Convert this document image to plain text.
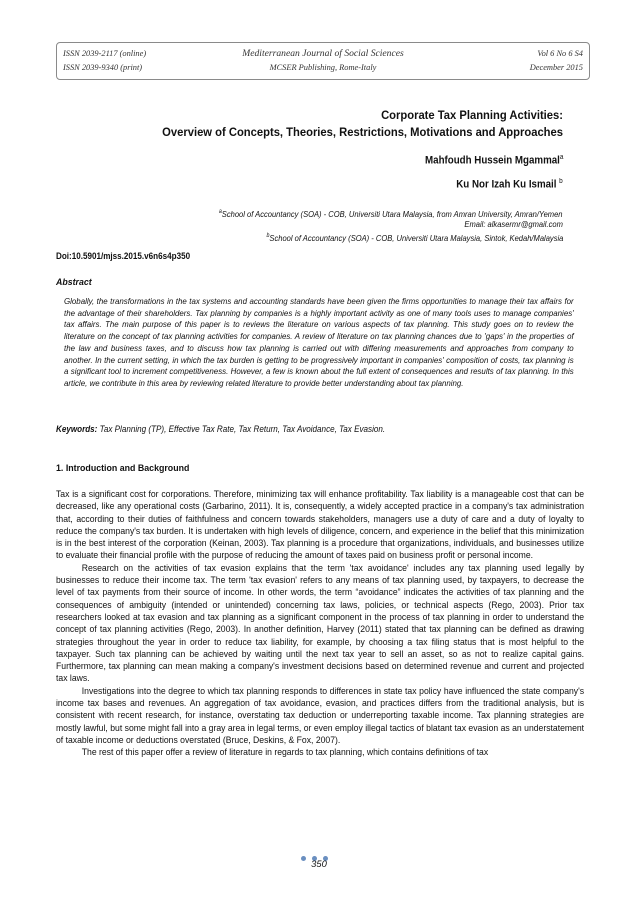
ISSN 2039-2117 (online)
ISSN 2039-9340 (print)
Mediterranean Journal of Social Sciences
MCSER Publishing, Rome-Italy
Vol 6 No 6 S4
December 2015
Corporate Tax Planning Activities:
Overview of Concepts, Theories, Restrictions, Motivations and Approaches
Mahfoudh Hussein Mgammal$^a$
Ku Nor Izah Ku Ismail $^b$
$^a$School of Accountancy (SOA) - COB, Universiti Utara Malaysia, from Amran University, Amran/Yemen
Email: alkasermr@gmail.com
$^b$School of Accountancy (SOA) - COB, Universiti Utara Malaysia, Sintok, Kedah/Malaysia
Doi:10.5901/mjss.2015.v6n6s4p350
Abstract
Globally, the transformations in the tax systems and accounting standards have been given the firms opportunities to manage their tax affairs for the advantage of their shareholders. Tax planning by companies is a highly important activity as one of many tools uses to manage companies' tax affairs. The main purpose of this paper is to reviews the literature on various aspects of tax planning. This study goes on to review the literature on the concept of tax planning activities for companies. A review of literature on tax planning chances due to 'gaps' in the properties of the law and business taxes, and to discuss how tax planning is carried out with differing measurements and approaches from company to another. In the current setting, in which the tax burden is getting to be progressively important in companies' composition of costs, tax planning is a significant tool to increment competitiveness. However, a few is known about the full extent of consequences and results of tax planning. In this article, we contribute in this area by reviewing related literature to provide better understanding about tax planning.
Keywords: Tax Planning (TP), Effective Tax Rate, Tax Return, Tax Avoidance, Tax Evasion.
1. Introduction and Background

Tax is a significant cost for corporations. Therefore, minimizing tax will enhance profitability. Tax liability is a manageable cost that can be decreased, like any operational costs (Garbarino, 2011). It is, consequently, a widely accepted practice in a company's tax administration that, according to their duties of faithfulness and concern towards stakeholders, managers use a duty of care and a duty of loyalty to reduce the company's tax burden. It is undertaken with high levels of diligence, concern, and experience in the belief that this minimization is in the best interest of the corporation (Keinan, 2003). Tax planning is a procedure that organizations, individuals, and businesses utilize to evaluate their financial profile with the purpose of reducing the amount of taxes paid on business profit or personal income.

Research on the activities of tax evasion explains that the term 'tax avoidance' includes any tax planning used legally by businesses to reduce their income tax. The term 'tax evasion' refers to any means of tax planning used, by taxpayers, to decrease the level of tax payments from their source of income. In other words, the term “avoidance” indicates the activities of tax planning and the consequences of ambiguity (intended or unintended) concerning tax laws, policies, or technical aspects (Rego, 2003). Prior tax researchers looked at tax evasion and tax planning as a significant component in the process of tax planning in order to understand the concept of tax planning activities (Rego, 2003). In another definition, Harvey (2011) stated that tax planning can be defined as drawing strategies throughout the year in order to reduce tax liability, for example, by choosing a tax filing status that is most helpful to the taxpayer. Such tax planning can be achieved by waiting until the next tax year to sell an asset, so as not to realize capital gains. Furthermore, tax planning can mean making a company's investment decisions based on determined revenue and current and projected tax laws.

Investigations into the degree to which tax planning responds to differences in state tax policy have influenced the state company's income tax bases and revenues. An aggregation of tax avoidance, evasion, and practices differs from the traditional analysis, but is consistent with recent research, for instance, overstating tax deduction or underreporting taxable income. Tax planning strategies are mostly lawful, but some might fall into a gray area in legal terms, or even employ illegal tactics of blatant tax evasion as an understatement of taxable income or deductions overstated (Bruce, Deskins, & Fox, 2007).

The rest of this paper offer a review of literature in regards to tax planning, which contains definitions of tax

350
